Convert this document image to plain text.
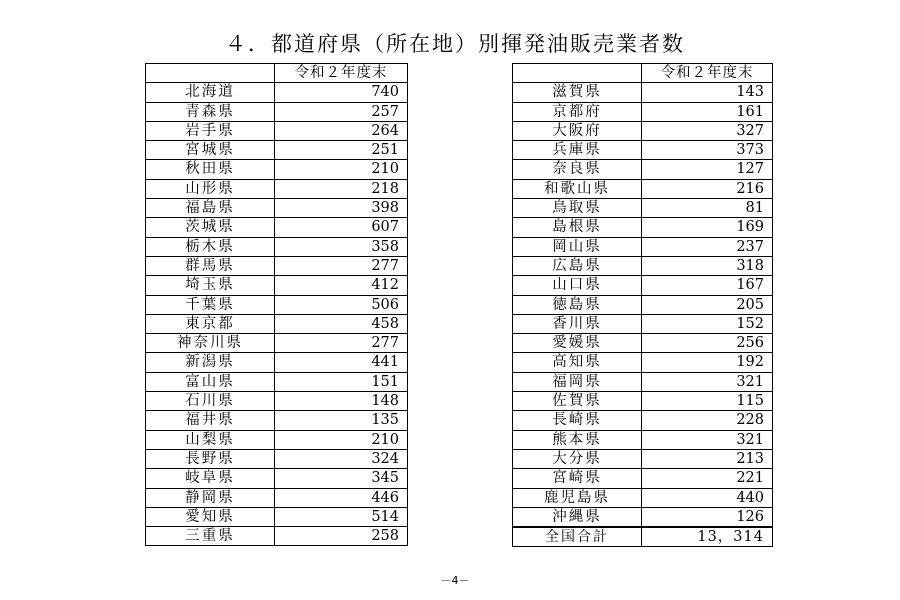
４．都道府県（所在地）別揮発油販売業者数
	令和２年度末
北海道	740
青森県	257
岩手県	264
宮城県	251
秋田県	210
山形県	218
福島県	398
茨城県	607
栃木県	358
群馬県	277
埼玉県	412
千葉県	506
東京都	458
神奈川県	277
新潟県	441
富山県	151
石川県	148
福井県	135
山梨県	210
長野県	324
岐阜県	345
静岡県	446
愛知県	514
三重県	258
	令和２年度末
滋賀県	143
京都府	161
大阪府	327
兵庫県	373
奈良県	127
和歌山県	216
鳥取県	81
島根県	169
岡山県	237
広島県	318
山口県	167
徳島県	205
香川県	152
愛媛県	256
高知県	192
福岡県	321
佐賀県	115
長崎県	228
熊本県	321
大分県	213
宮崎県	221
鹿児島県	440
沖縄県	126
全国合計	13，314
－4－
